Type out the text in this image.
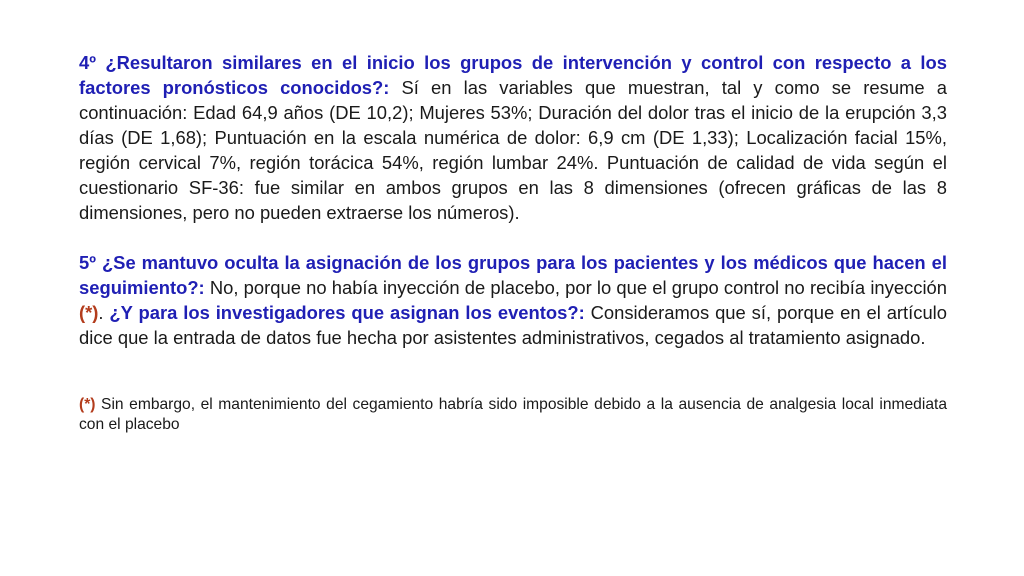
4º ¿Resultaron similares en el inicio los grupos de intervención y control con respecto a los factores pronósticos conocidos?: Sí en las variables que muestran, tal y como se resume a continuación: Edad 64,9 años (DE 10,2); Mujeres 53%; Duración del dolor tras el inicio de la erupción 3,3 días (DE 1,68); Puntuación en la escala numérica de dolor: 6,9 cm (DE 1,33); Localización facial 15%, región cervical 7%, región torácica 54%, región lumbar 24%. Puntuación de calidad de vida según el cuestionario SF-36: fue similar en ambos grupos en las 8 dimensiones (ofrecen gráficas de las 8 dimensiones, pero no pueden extraerse los números).

5º ¿Se mantuvo oculta la asignación de los grupos para los pacientes y los médicos que hacen el seguimiento?: No, porque no había inyección de placebo, por lo que el grupo control no recibía inyección (*). ¿Y para los investigadores que asignan los eventos?: Consideramos que sí, porque en el artículo dice que la entrada de datos fue hecha por asistentes administrativos, cegados al tratamiento asignado.

(*) Sin embargo, el mantenimiento del cegamiento habría sido imposible debido a la ausencia de analgesia local inmediata con el placebo
